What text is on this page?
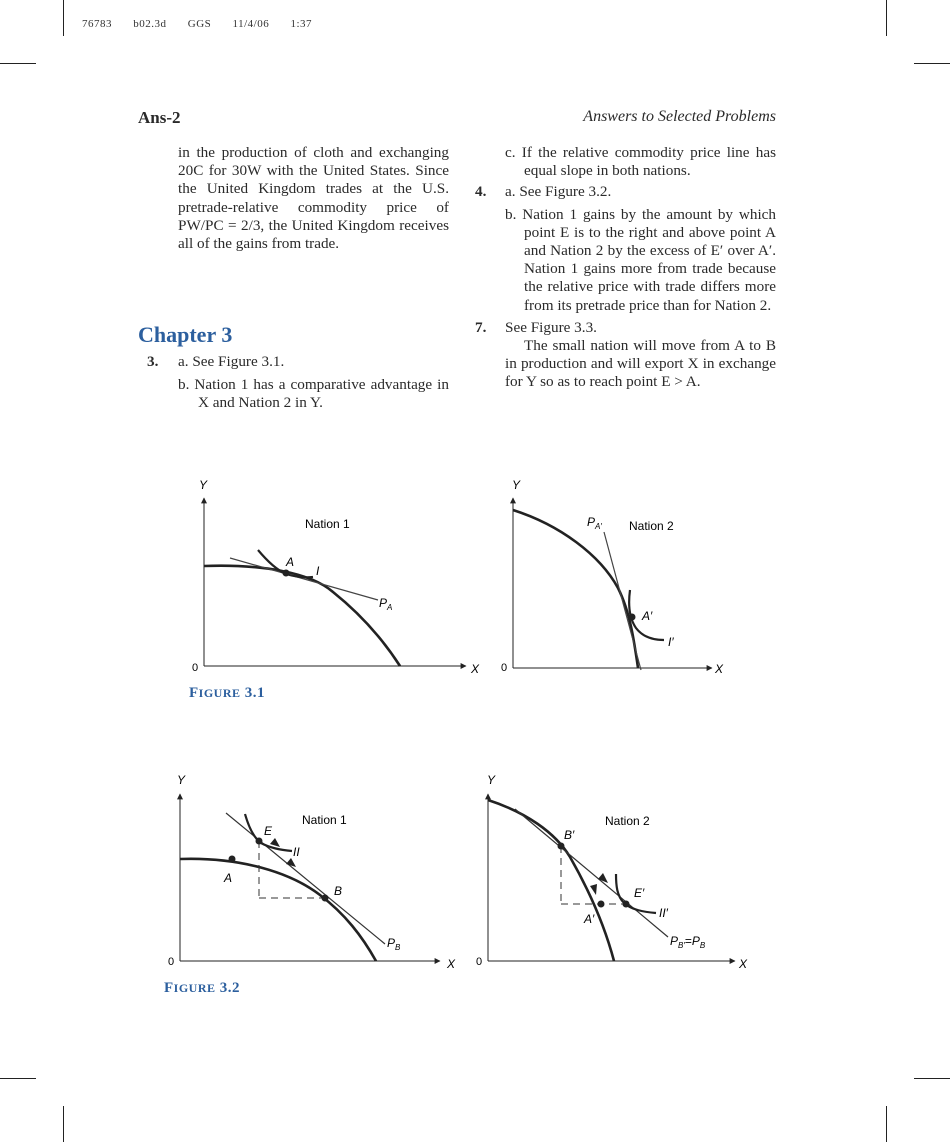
76783 b02.3d GGS 11/4/06 1:37
Ans-2	Answers to Selected Problems

in the production of cloth and exchanging 20C for 30W with the United States. Since the United Kingdom trades at the U.S. pretrade-relative commodity price of PW/PC = 2/3, the United Kingdom receives all of the gains from trade.

Chapter 3
3. a. See Figure 3.1.

b. Nation 1 has a comparative advantage in X and Nation 2 in Y.

c. If the relative commodity price line has equal slope in both nations.

4. a. See Figure 3.2.

b. Nation 1 gains by the amount by which point E is to the right and above point A and Nation 2 by the excess of E′ over A′. Nation 1 gains more from trade because the relative price with trade differs more from its pretrade price than for Nation 2.

7. See Figure 3.3.

The small nation will move from A to B in production and will export X in exchange for Y so as to reach point E > A.

Y
X
0
Nation 1
A
I
$P_A$
Y
X
0
Nation 2
A′
I′
$P_{A'}$
FIGURE 3.1
Y
X
0
Nation 1
E
A
B
II
$P_B$
Y
X
0
Nation 2
B′
A′
E′
II′
$P_{B'}=P_B$
FIGURE 3.2
